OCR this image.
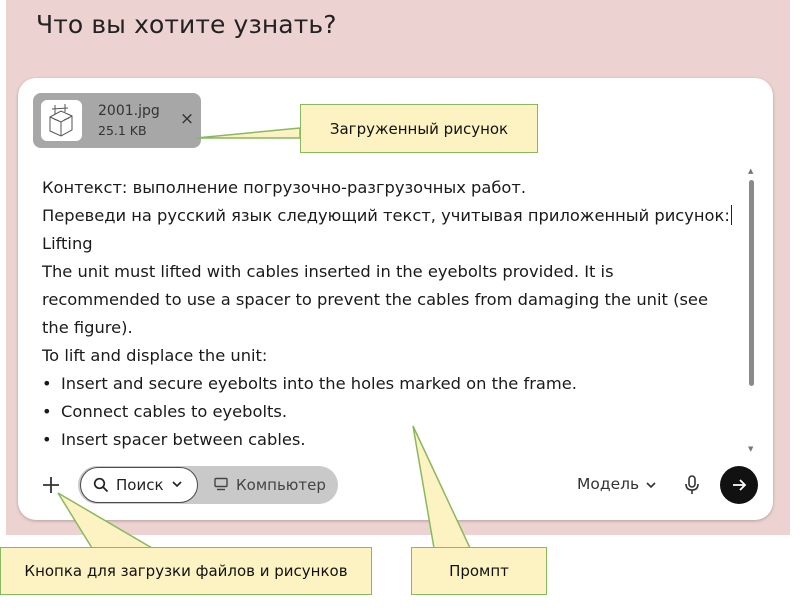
Что вы хотите узнать?
2001.jpg
25.1 KB
×
Контекст: выполнение погрузочно-разгрузочных работ.
Переведи на русский язык следующий текст, учитывая приложенный рисунок:
Lifting
The unit must lifted with cables inserted in the eyebolts provided. It is
recommended to use a spacer to prevent the cables from damaging the unit (see
the figure).
To lift and displace the unit:
• Insert and secure eyebolts into the holes marked on the frame.
• Connect cables to eyebolts.
• Insert spacer between cables.
▲
▼
Поиск	Компьютер	Модель
Загруженный рисунок
Кнопка для загрузки файлов и рисунков	Промпт
